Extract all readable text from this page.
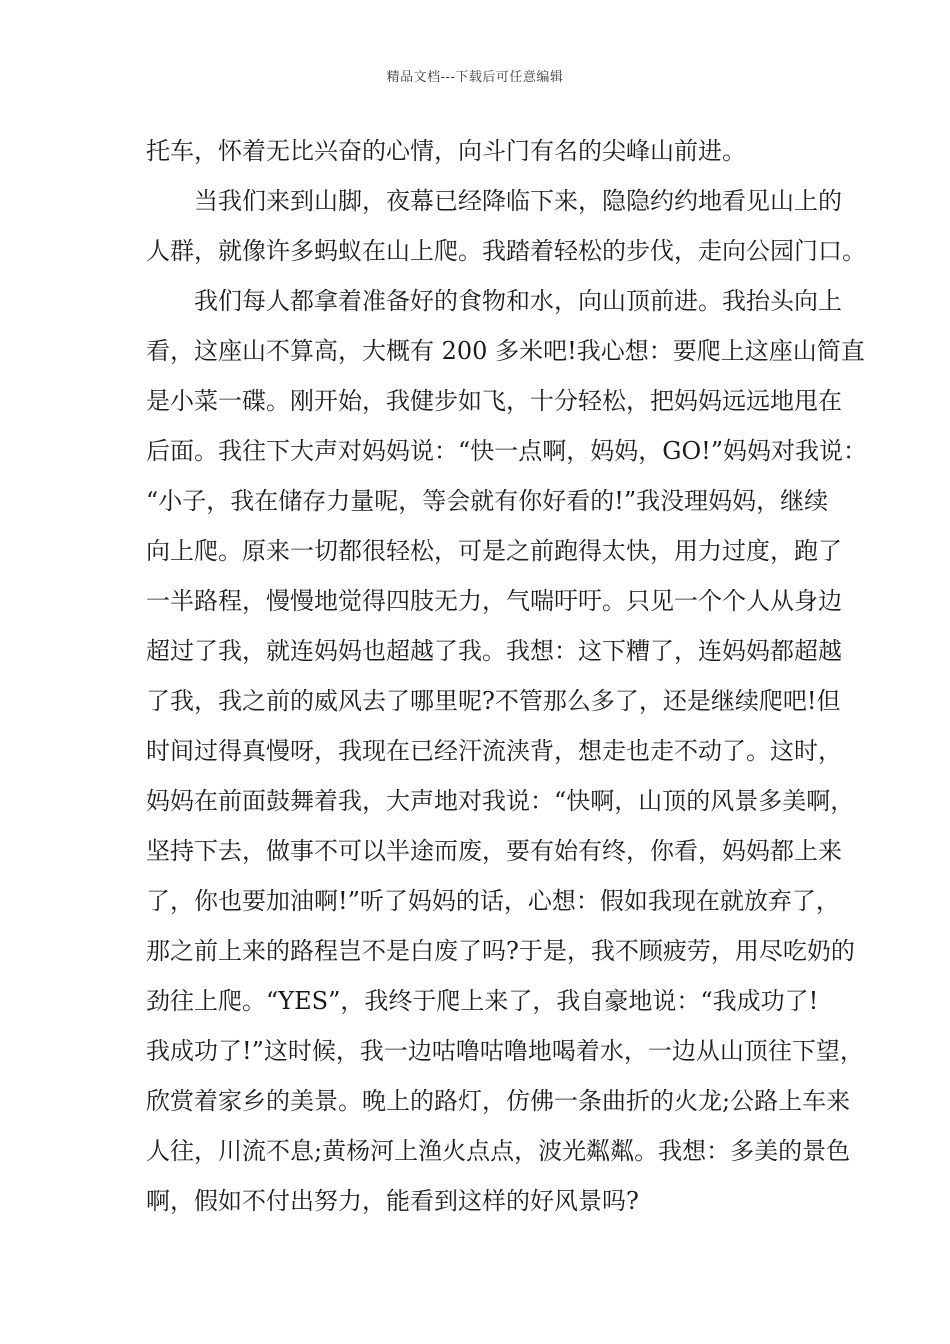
精品文档---下载后可任意编辑
托车，怀着无比兴奋的心情，向斗门有名的尖峰山前进。
　　当我们来到山脚，夜幕已经降临下来，隐隐约约地看见山上的
人群，就像许多蚂蚁在山上爬。我踏着轻松的步伐，走向公园门口。
　　我们每人都拿着准备好的食物和水，向山顶前进。我抬头向上
看，这座山不算高，大概有 200 多米吧!我心想：要爬上这座山简直
是小菜一碟。刚开始，我健步如飞，十分轻松，把妈妈远远地甩在
后面。我往下大声对妈妈说：“快一点啊，妈妈，GO!”妈妈对我说：
“小子，我在储存力量呢，等会就有你好看的!”我没理妈妈，继续
向上爬。原来一切都很轻松，可是之前跑得太快，用力过度，跑了
一半路程，慢慢地觉得四肢无力，气喘吁吁。只见一个个人从身边
超过了我，就连妈妈也超越了我。我想：这下糟了，连妈妈都超越
了我，我之前的威风去了哪里呢?不管那么多了，还是继续爬吧!但
时间过得真慢呀，我现在已经汗流浃背，想走也走不动了。这时，
妈妈在前面鼓舞着我，大声地对我说：“快啊，山顶的风景多美啊，
坚持下去，做事不可以半途而废，要有始有终，你看，妈妈都上来
了，你也要加油啊!”听了妈妈的话，心想：假如我现在就放弃了，
那之前上来的路程岂不是白废了吗?于是，我不顾疲劳，用尽吃奶的
劲往上爬。“YES”，我终于爬上来了，我自豪地说：“我成功了!
我成功了!”这时候，我一边咕噜咕噜地喝着水，一边从山顶往下望，
欣赏着家乡的美景。晚上的路灯，仿佛一条曲折的火龙;公路上车来
人往，川流不息;黄杨河上渔火点点，波光粼粼。我想：多美的景色
啊，假如不付出努力，能看到这样的好风景吗?
